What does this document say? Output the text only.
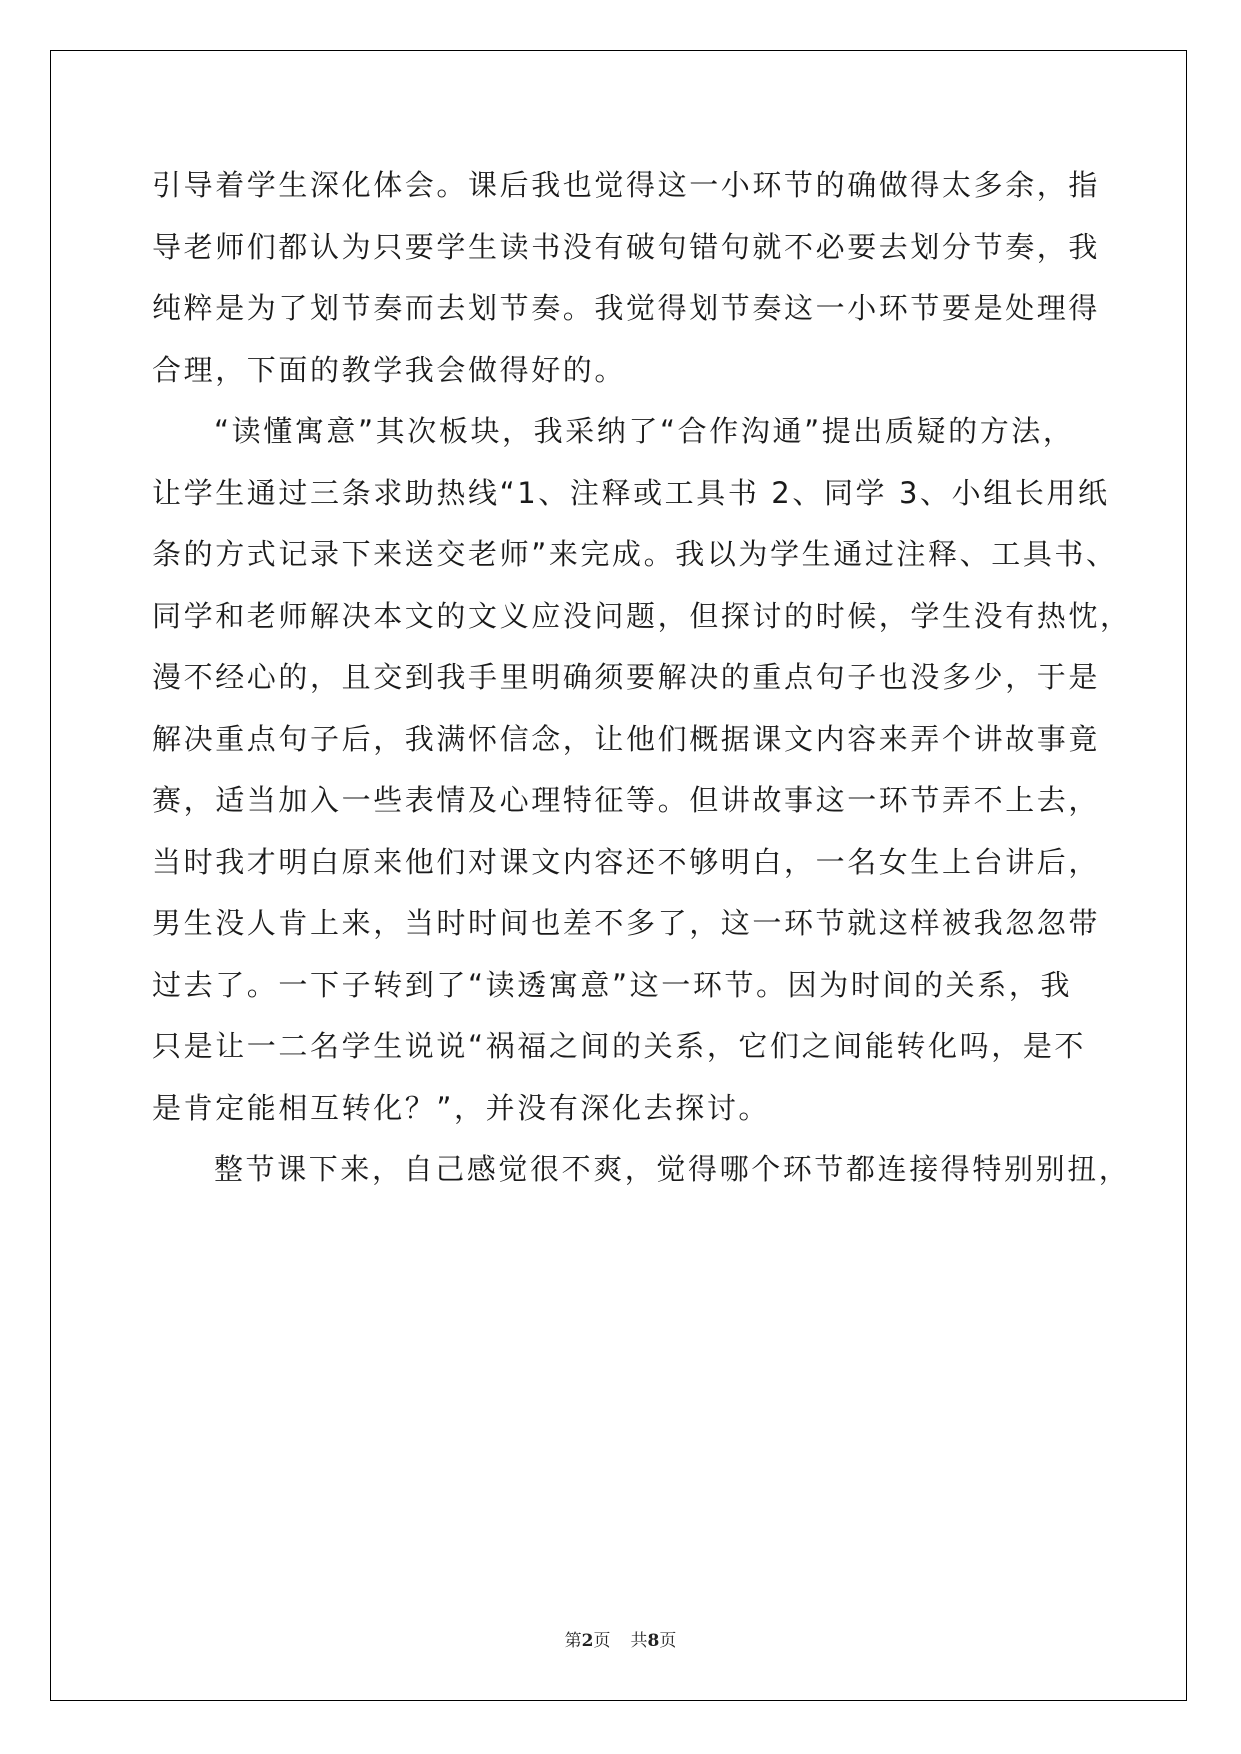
引导着学生深化体会。课后我也觉得这一小环节的确做得太多余，指
导老师们都认为只要学生读书没有破句错句就不必要去划分节奏，我
纯粹是为了划节奏而去划节奏。我觉得划节奏这一小环节要是处理得
合理，下面的教学我会做得好的。
“读懂寓意”其次板块，我采纳了“合作沟通”提出质疑的方法，
让学生通过三条求助热线“1、注释或工具书 2、同学 3、小组长用纸
条的方式记录下来送交老师”来完成。我以为学生通过注释、工具书、
同学和老师解决本文的文义应没问题，但探讨的时候，学生没有热忱，
漫不经心的，且交到我手里明确须要解决的重点句子也没多少，于是
解决重点句子后，我满怀信念，让他们概据课文内容来弄个讲故事竟
赛，适当加入一些表情及心理特征等。但讲故事这一环节弄不上去，
当时我才明白原来他们对课文内容还不够明白，一名女生上台讲后，
男生没人肯上来，当时时间也差不多了，这一环节就这样被我忽忽带
过去了。一下子转到了“读透寓意”这一环节。因为时间的关系，我
只是让一二名学生说说“祸福之间的关系，它们之间能转化吗，是不
是肯定能相互转化？”，并没有深化去探讨。
整节课下来，自己感觉很不爽，觉得哪个环节都连接得特别别扭，
第2页 共8页
